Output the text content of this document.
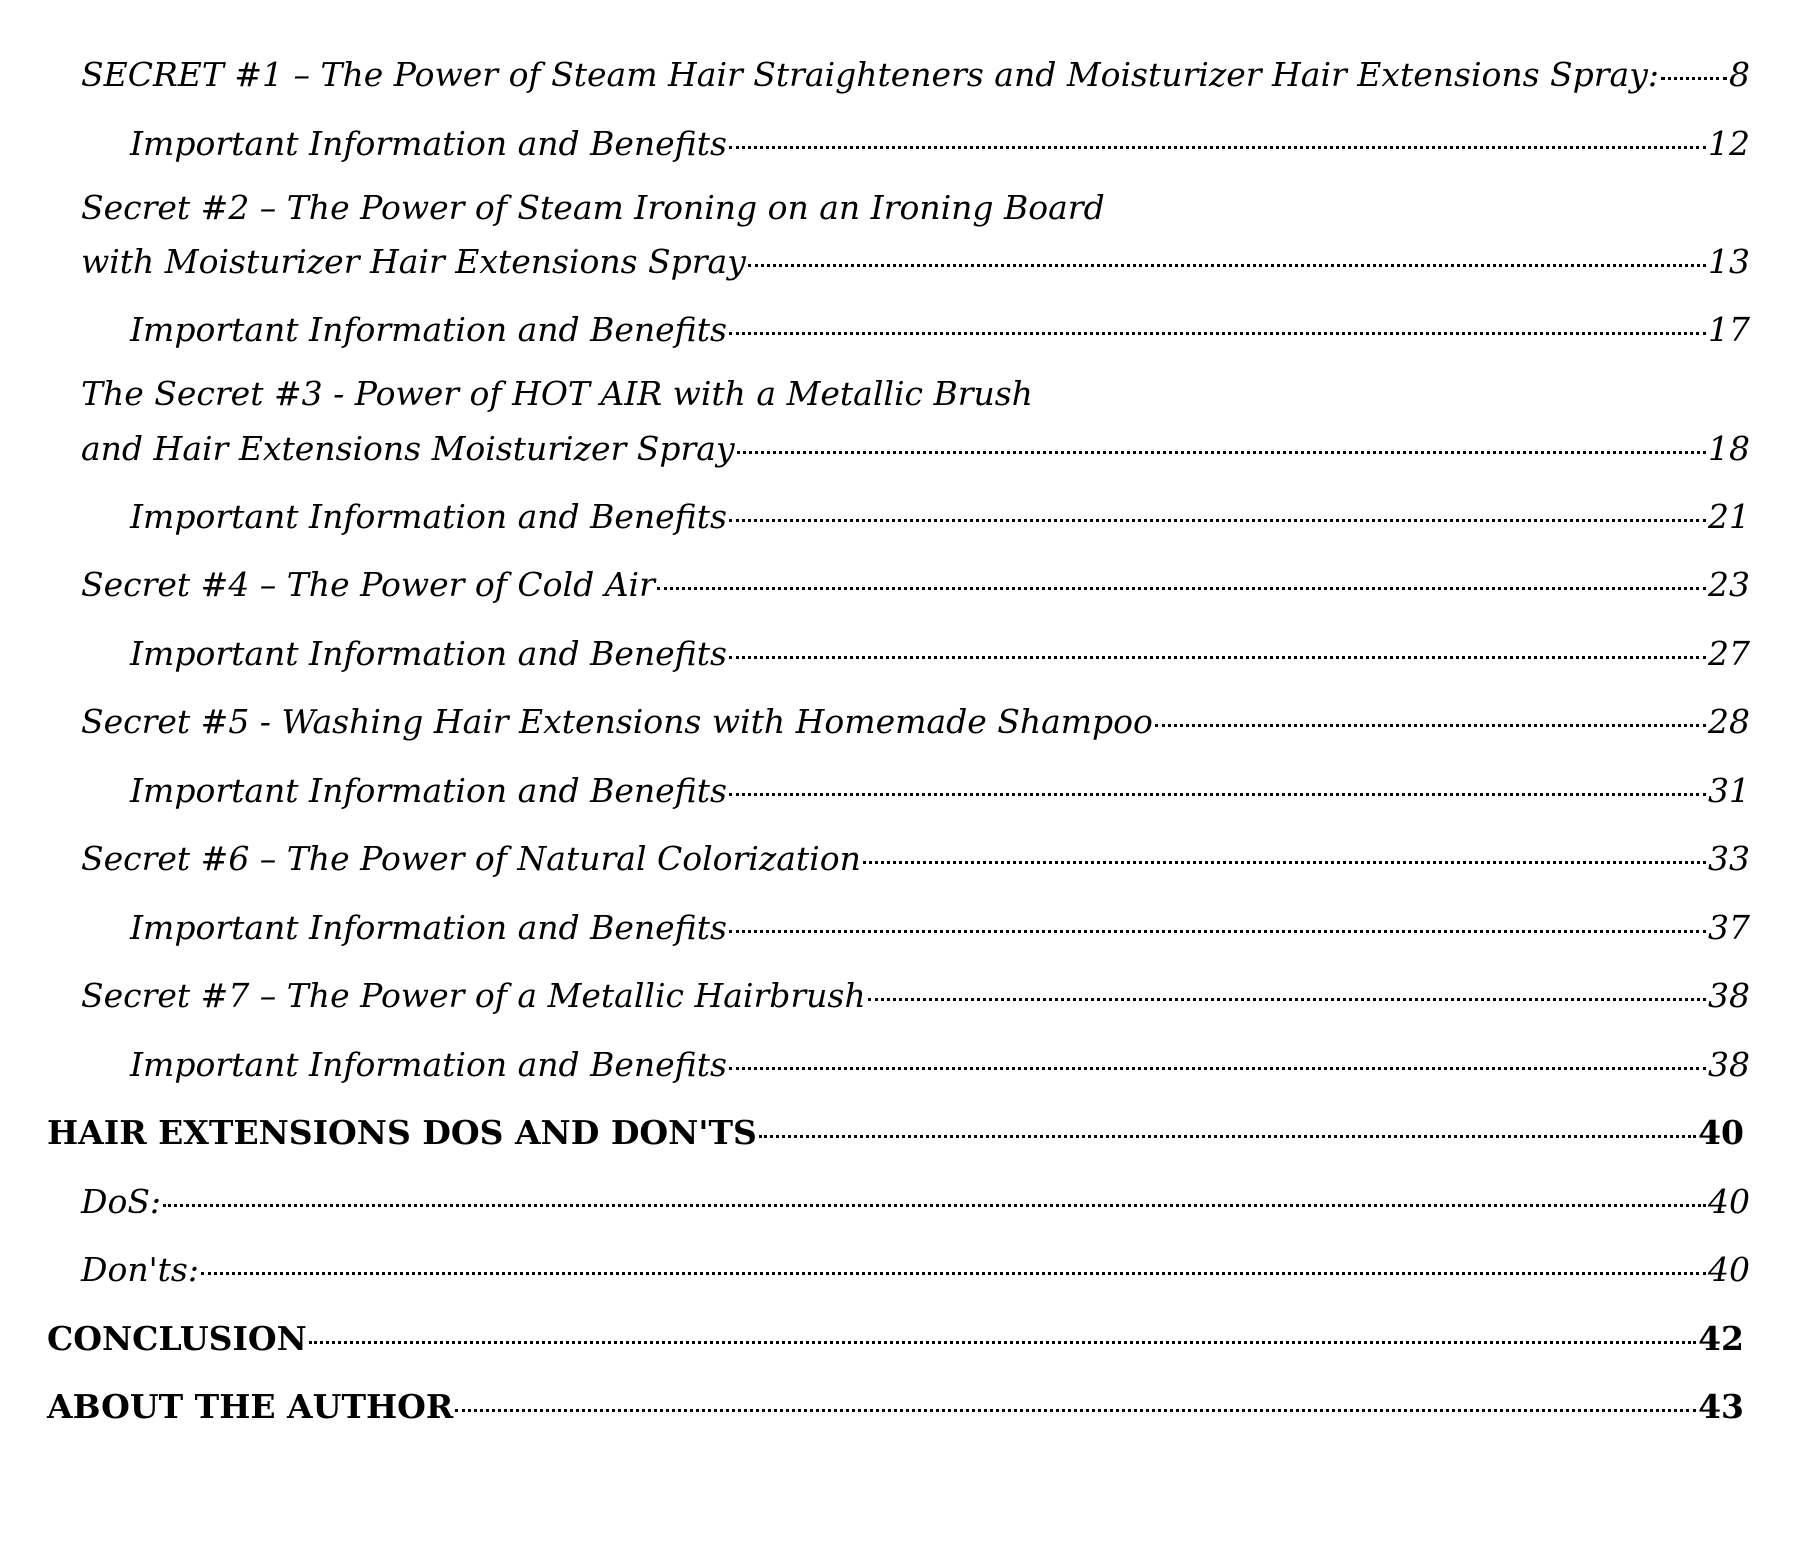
SECRET #1 – The Power of Steam Hair Straighteners and Moisturizer Hair Extensions Spray: 8
Important Information and Benefits	12
Secret #2 – The Power of Steam Ironing on an Ironing Board
with Moisturizer Hair Extensions Spray	13
Important Information and Benefits	17
The Secret #3 - Power of HOT AIR with a Metallic Brush
and Hair Extensions Moisturizer Spray	18
Important Information and Benefits	21
Secret #4 – The Power of Cold Air	23
Important Information and Benefits	27
Secret #5 - Washing Hair Extensions with Homemade Shampoo	28
Important Information and Benefits	31
Secret #6 – The Power of Natural Colorization	33
Important Information and Benefits	37
Secret #7 – The Power of a Metallic Hairbrush	38
Important Information and Benefits	38
HAIR EXTENSIONS DOS AND DON'TS	40
DoS:	40
Don'ts:	40
CONCLUSION	42
ABOUT THE AUTHOR	43
